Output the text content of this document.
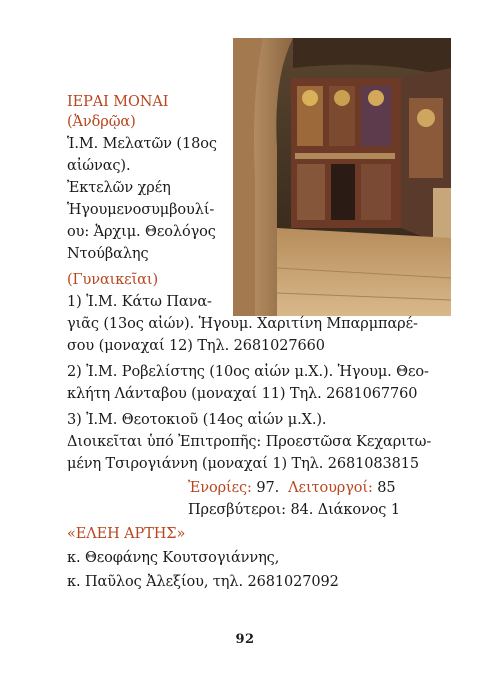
ΙΕΡΑΙ ΜΟΝΑΙ
(Ἀνδρῷα)
Ἱ.Μ. Μελατῶν (18ος
αἰώνας).
Ἐκτελῶν χρέη
Ἡγουμενοσυμβουλί-
ου: Ἀρχιμ. Θεολόγος
Ντούβαλης
(Γυναικεῖαι)
1) Ἱ.Μ. Κάτω Πανα-
γιᾶς (13ος αἰών). Ἡγουμ. Χαριτίνη Μπαρμπαρέ-
σου (μοναχαί 12) Τηλ. 2681027660
2) Ἱ.Μ. Ροβελίστης (10ος αἰών μ.Χ.). Ἡγουμ. Θεο-
κλήτη Λάνταβου (μοναχαί 11) Τηλ. 2681067760
3) Ἱ.Μ. Θεοτοκιοῦ (14ος αἰών μ.Χ.).
Διοικεῖται ὑπό Ἐπιτροπῆς: Προεστῶσα Κεχαριτω-
μένη Τσιρογιάννη (μοναχαί 1) Τηλ. 2681083815
Ἐνορίες: 97. Λειτουργοί: 85
Πρεσβύτεροι: 84. Διάκονος 1
«ΕΛΕΗ ΑΡΤΗΣ»
κ. Θεοφάνης Κουτσογιάννης,
κ. Παῦλος Ἀλεξίου, τηλ. 2681027092
92
